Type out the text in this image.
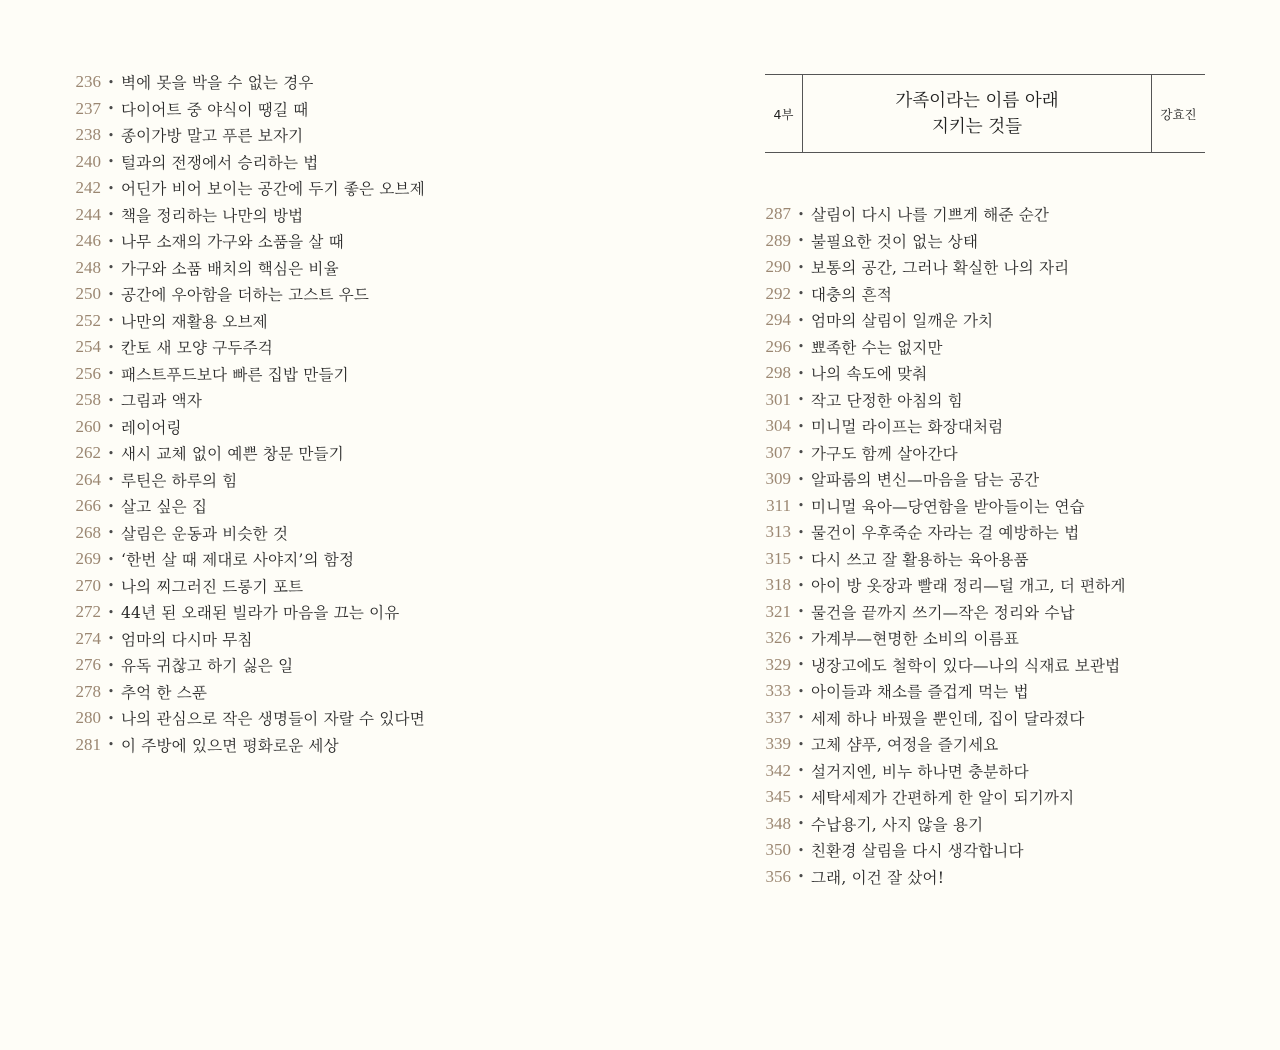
236 • 벽에 못을 박을 수 없는 경우
237 • 다이어트 중 야식이 땡길 때
238 • 종이가방 말고 푸른 보자기
240 • 털과의 전쟁에서 승리하는 법
242 • 어딘가 비어 보이는 공간에 두기 좋은 오브제
244 • 책을 정리하는 나만의 방법
246 • 나무 소재의 가구와 소품을 살 때
248 • 가구와 소품 배치의 핵심은 비율
250 • 공간에 우아함을 더하는 고스트 우드
252 • 나만의 재활용 오브제
254 • 칸토 새 모양 구두주걱
256 • 패스트푸드보다 빠른 집밥 만들기
258 • 그림과 액자
260 • 레이어링
262 • 새시 교체 없이 예쁜 창문 만들기
264 • 루틴은 하루의 힘
266 • 살고 싶은 집
268 • 살림은 운동과 비슷한 것
269 • ‘한번 살 때 제대로 사야지’의 함정
270 • 나의 찌그러진 드롱기 포트
272 • 44년 된 오래된 빌라가 마음을 끄는 이유
274 • 엄마의 다시마 무침
276 • 유독 귀찮고 하기 싫은 일
278 • 추억 한 스푼
280 • 나의 관심으로 작은 생명들이 자랄 수 있다면
281 • 이 주방에 있으면 평화로운 세상
4부
가족이라는 이름 아래
지키는 것들
강효진
287 • 살림이 다시 나를 기쁘게 해준 순간
289 • 불필요한 것이 없는 상태
290 • 보통의 공간, 그러나 확실한 나의 자리
292 • 대충의 흔적
294 • 엄마의 살림이 일깨운 가치
296 • 뾰족한 수는 없지만
298 • 나의 속도에 맞춰
301 • 작고 단정한 아침의 힘
304 • 미니멀 라이프는 화장대처럼
307 • 가구도 함께 살아간다
309 • 알파룸의 변신—마음을 담는 공간
311 • 미니멀 육아—당연함을 받아들이는 연습
313 • 물건이 우후죽순 자라는 걸 예방하는 법
315 • 다시 쓰고 잘 활용하는 육아용품
318 • 아이 방 옷장과 빨래 정리—덜 개고, 더 편하게
321 • 물건을 끝까지 쓰기—작은 정리와 수납
326 • 가계부—현명한 소비의 이름표
329 • 냉장고에도 철학이 있다—나의 식재료 보관법
333 • 아이들과 채소를 즐겁게 먹는 법
337 • 세제 하나 바꿨을 뿐인데, 집이 달라졌다
339 • 고체 샴푸, 여정을 즐기세요
342 • 설거지엔, 비누 하나면 충분하다
345 • 세탁세제가 간편하게 한 알이 되기까지
348 • 수납용기, 사지 않을 용기
350 • 친환경 살림을 다시 생각합니다
356 • 그래, 이건 잘 샀어!
